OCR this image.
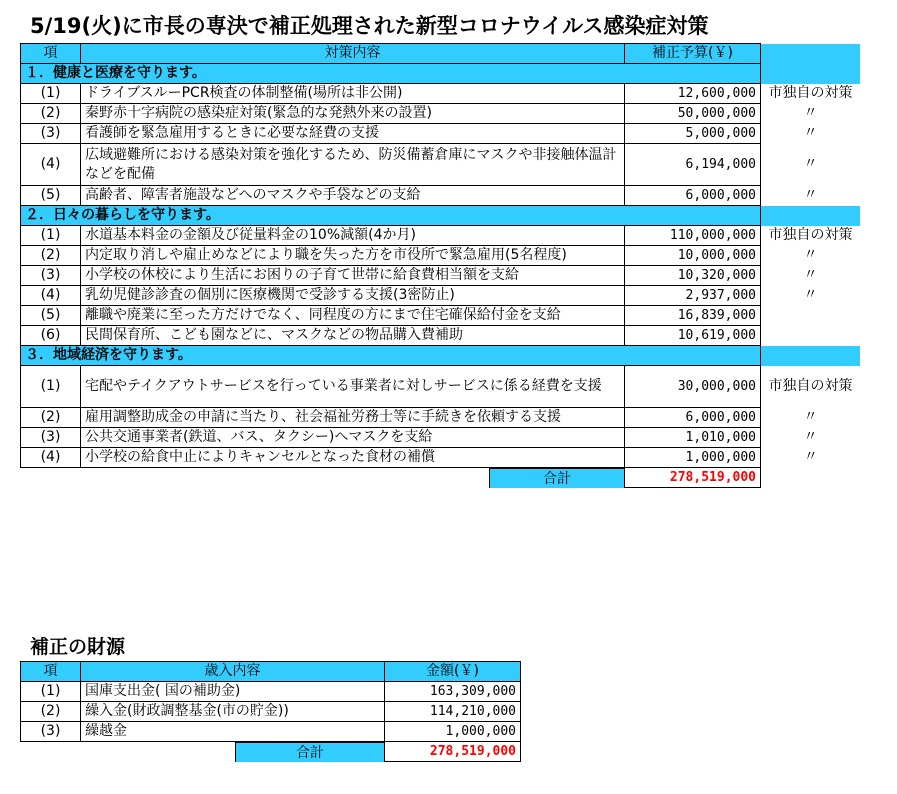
5/19(火)に市長の専決で補正処理された新型コロナウイルス感染症対策
項	対策内容	補正予算(￥)	
１．健康と医療を守ります。			
(1)	ドライブスルーPCR検査の体制整備(場所は非公開)	12,600,000	市独自の対策
(2)	秦野赤十字病院の感染症対策(緊急的な発熱外来の設置)	50,000,000	〃
(3)	看護師を緊急雇用するときに必要な経費の支援	5,000,000	〃
(4)	広域避難所における感染対策を強化するため、防災備蓄倉庫にマスクや非接触体温計などを配備	6,194,000	〃
(5)	高齢者、障害者施設などへのマスクや手袋などの支給	6,000,000	〃
２．日々の暮らしを守ります。			
(1)	水道基本料金の金額及び従量料金の10%減額(4か月)	110,000,000	市独自の対策
(2)	内定取り消しや雇止めなどにより職を失った方を市役所で緊急雇用(5名程度)	10,000,000	〃
(3)	小学校の休校により生活にお困りの子育て世帯に給食費相当額を支給	10,320,000	〃
(4)	乳幼児健診診査の個別に医療機関で受診する支援(3密防止)	2,937,000	〃
(5)	離職や廃業に至った方だけでなく、同程度の方にまで住宅確保給付金を支給	16,839,000	
(6)	民間保育所、こども園などに、マスクなどの物品購入費補助	10,619,000	
３．地域経済を守ります。			
(1)	宅配やテイクアウトサービスを行っている事業者に対しサービスに係る経費を支援	30,000,000	市独自の対策
(2)	雇用調整助成金の申請に当たり、社会福祉労務士等に手続きを依頼する支援	6,000,000	〃
(3)	公共交通事業者(鉄道、バス、タクシー)へマスクを支給	1,010,000	〃
(4)	小学校の給食中止によりキャンセルとなった食材の補償	1,000,000	〃

	合計	278,519,000	
補正の財源
項	歳入内容	金額(￥)
(1)	国庫支出金( 国の補助金)	163,309,000
(2)	繰入金(財政調整基金(市の貯金))	114,210,000
(3)	繰越金	1,000,000

	合計	278,519,000
